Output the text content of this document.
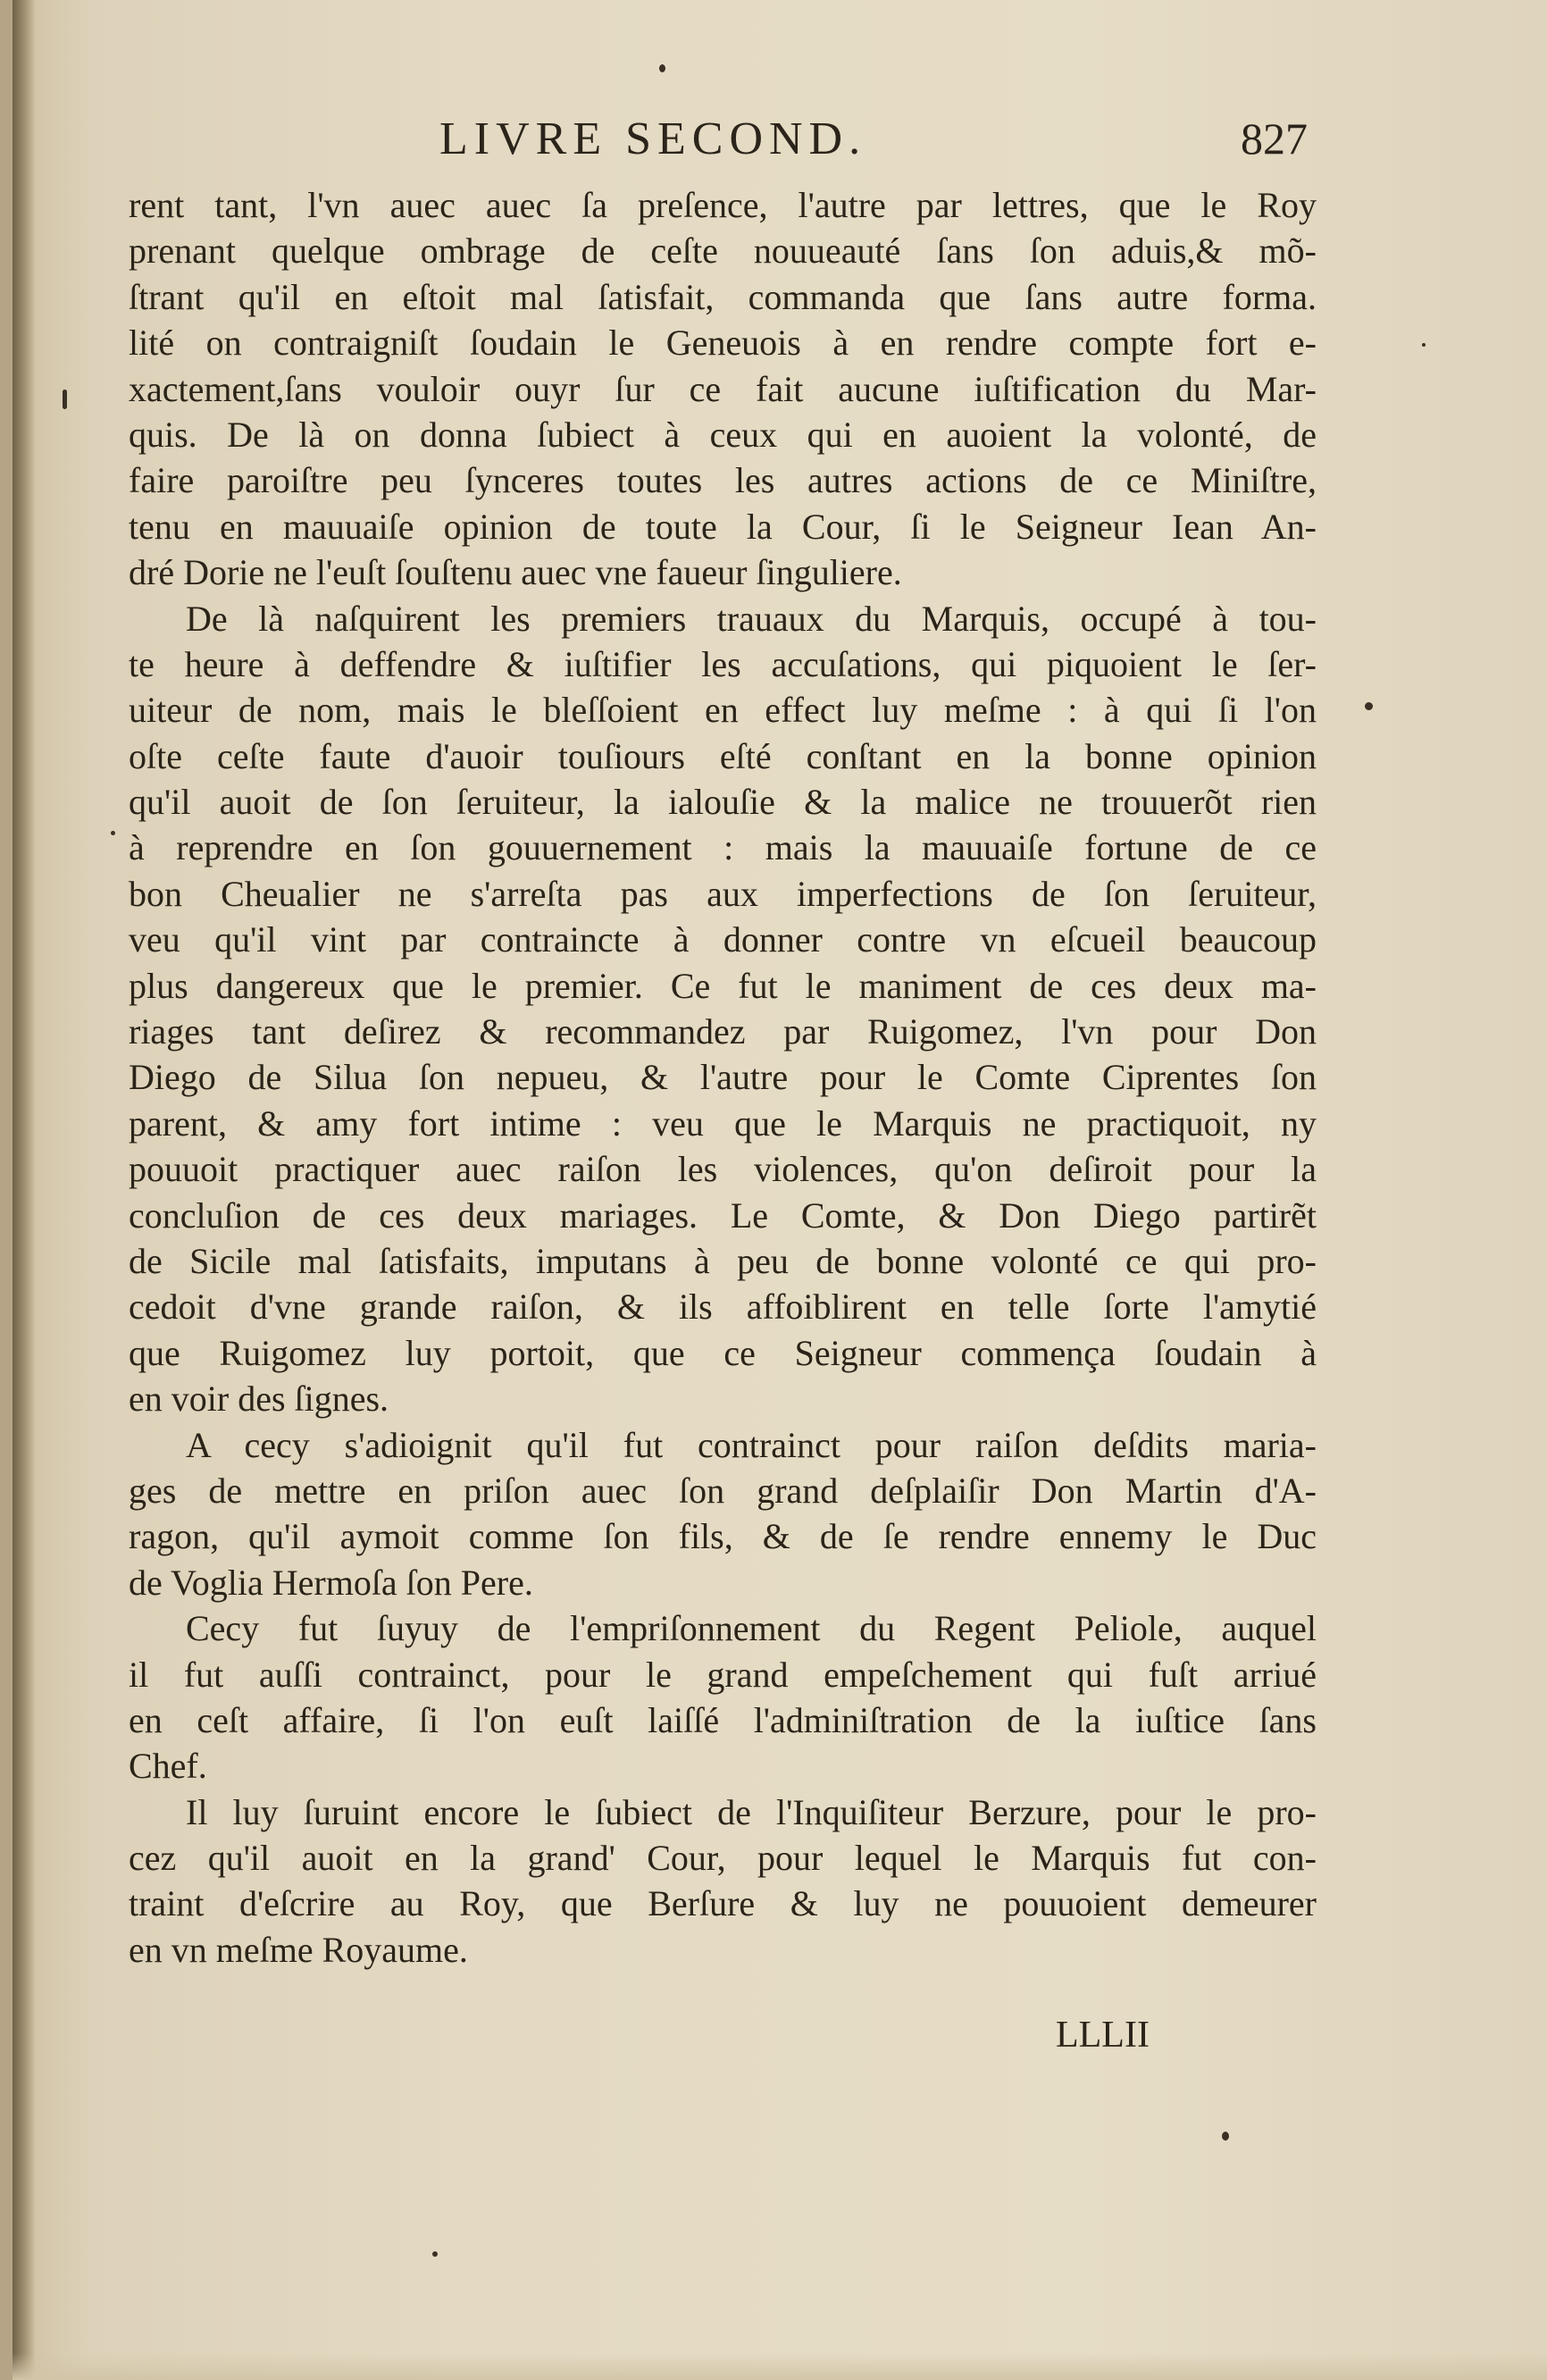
LIVRE SECOND.	827
rent tant, l'vn auec auec ſa preſence, l'autre par lettres, que le Roy
prenant quelque ombrage de ceſte nouueauté ſans ſon aduis,& mõ-
ſtrant qu'il en eſtoit mal ſatisfait, commanda que ſans autre forma.
lité on contraigniſt ſoudain le Geneuois à en rendre compte fort e-
xactement,ſans vouloir ouyr ſur ce fait aucune iuſtification du Mar-
quis. De là on donna ſubiect à ceux qui en auoient la volonté, de
faire paroiſtre peu ſynceres toutes les autres actions de ce Miniſtre,
tenu en mauuaiſe opinion de toute la Cour, ſi le Seigneur Iean An-
dré Dorie ne l'euſt ſouſtenu auec vne faueur ſinguliere.
De là naſquirent les premiers trauaux du Marquis, occupé à tou-
te heure à deffendre & iuſtifier les accuſations, qui piquoient le ſer-
uiteur de nom, mais le bleſſoient en effect luy meſme : à qui ſi l'on
oſte ceſte faute d'auoir touſiours eſté conſtant en la bonne opinion
qu'il auoit de ſon ſeruiteur, la ialouſie & la malice ne trouuerõt rien
à reprendre en ſon gouuernement : mais la mauuaiſe fortune de ce
bon Cheualier ne s'arreſta pas aux imperfections de ſon ſeruiteur,
veu qu'il vint par contraincte à donner contre vn eſcueil beaucoup
plus dangereux que le premier. Ce fut le maniment de ces deux ma-
riages tant deſirez & recommandez par Ruigomez, l'vn pour Don
Diego de Silua ſon nepueu, & l'autre pour le Comte Ciprentes ſon
parent, & amy fort intime : veu que le Marquis ne practiquoit, ny
pouuoit practiquer auec raiſon les violences, qu'on deſiroit pour la
concluſion de ces deux mariages. Le Comte, & Don Diego partirẽt
de Sicile mal ſatisfaits, imputans à peu de bonne volonté ce qui pro-
cedoit d'vne grande raiſon, & ils affoiblirent en telle ſorte l'amytié
que Ruigomez luy portoit, que ce Seigneur commença ſoudain à
en voir des ſignes.
A cecy s'adioignit qu'il fut contrainct pour raiſon deſdits maria-
ges de mettre en priſon auec ſon grand deſplaiſir Don Martin d'A-
ragon, qu'il aymoit comme ſon fils, & de ſe rendre ennemy le Duc
de Voglia Hermoſa ſon Pere.
Cecy fut ſuyuy de l'empriſonnement du Regent Peliole, auquel
il fut auſſi contrainct, pour le grand empeſchement qui fuſt arriué
en ceſt affaire, ſi l'on euſt laiſſé l'adminiſtration de la iuſtice ſans
Chef.
Il luy ſuruint encore le ſubiect de l'Inquiſiteur Berzure, pour le pro-
cez qu'il auoit en la grand' Cour, pour lequel le Marquis fut con-
traint d'eſcrire au Roy, que Berſure & luy ne pouuoient demeurer
en vn meſme Royaume.
LLLII
